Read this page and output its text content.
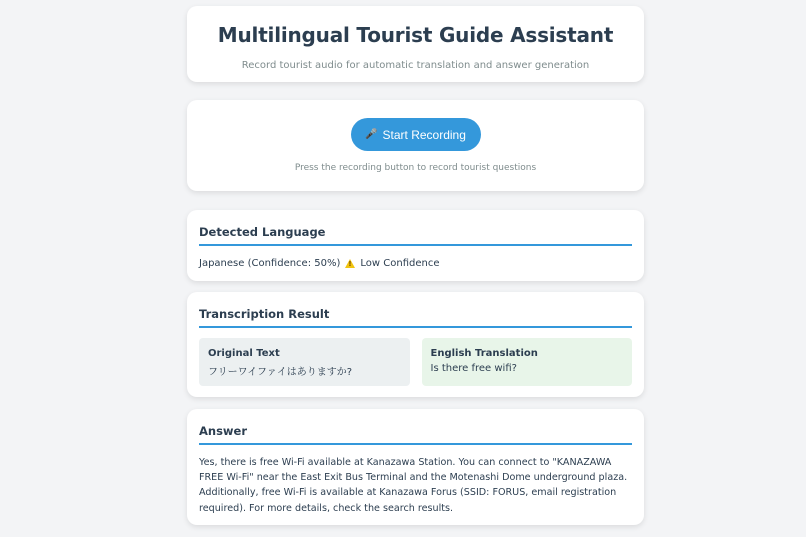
Multilingual Tourist Guide Assistant

Record tourist audio for automatic translation and answer generation

🎤 Start Recording

Press the recording button to record tourist questions

Detected Language
Japanese (Confidence: 50%)
! Low Confidence
Transcription Result
Original Text
フリーワイファイはありますか?
English Translation
Is there free wifi?
Answer

Yes, there is free Wi-Fi available at Kanazawa Station. You can connect to "KANAZAWA FREE Wi-Fi" near the East Exit Bus Terminal and the Motenashi Dome underground plaza. Additionally, free Wi-Fi is available at Kanazawa Forus (SSID: FORUS, email registration required). For more details, check the search results.
